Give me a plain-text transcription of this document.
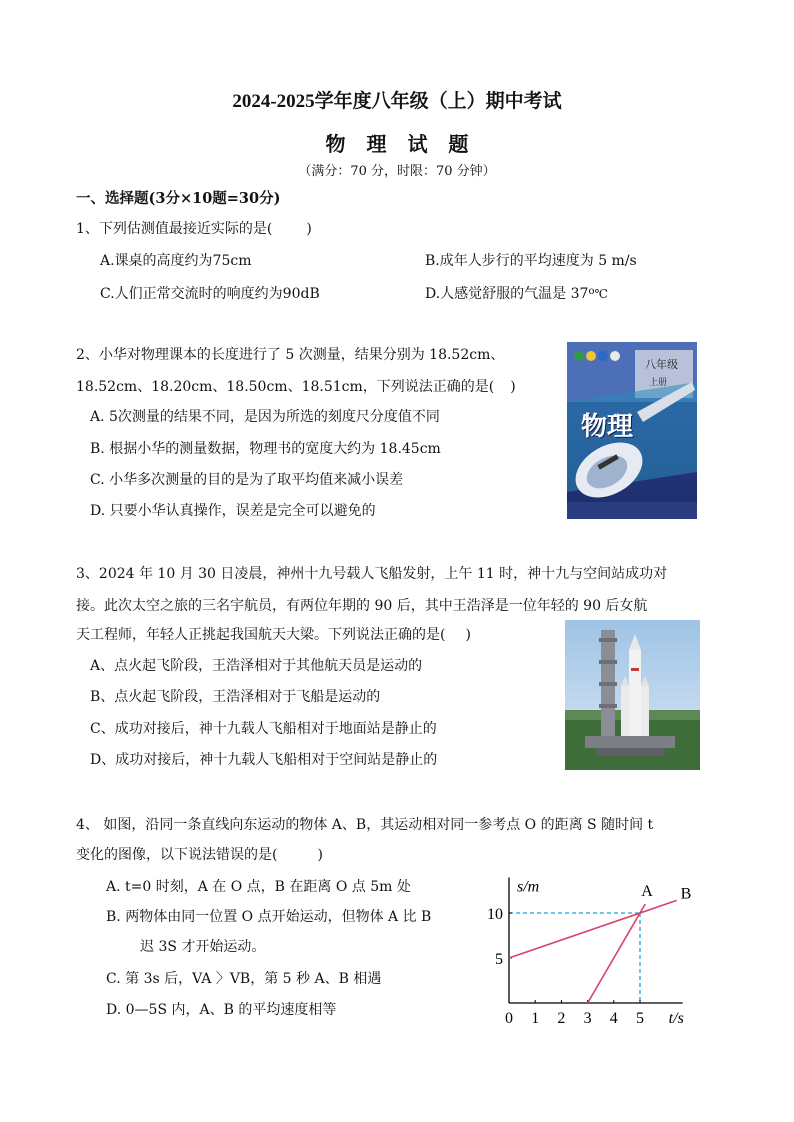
2024-2025学年度八年级（上）期中考试
物 理 试 题
（满分：70 分，时限：70 分钟）
一、选择题(3分×10题=30分)
1、下列估测值最接近实际的是( )
A.课桌的高度约为75cm	B.成年人步行的平均速度为 5 m/s
C.人们正常交流时的响度约为90dB	D.人感觉舒服的气温是 37$^o$℃
2、小华对物理课本的长度进行了 5 次测量，结果分别为 18.52cm、
18.52cm、18.20cm、18.50cm、18.51cm，下列说法正确的是( )
A. 5次测量的结果不同，是因为所选的刻度尺分度值不同
B. 根据小华的测量数据，物理书的宽度大约为 18.45cm
C. 小华多次测量的目的是为了取平均值来减小误差
D. 只要小华认真操作，误差是完全可以避免的
八年级
上册
物理
3、2024 年 10 月 30 日凌晨，神州十九号载人飞船发射，上午 11 时，神十九与空间站成功对
接。此次太空之旅的三名宇航员，有两位年期的 90 后，其中王浩泽是一位年轻的 90 后女航
天工程师，年轻人正挑起我国航天大梁。下列说法正确的是( )
A、点火起飞阶段，王浩泽相对于其他航天员是运动的
B、点火起飞阶段，王浩泽相对于飞船是运动的
C、成功对接后，神十九载人飞船相对于地面站是静止的
D、成功对接后，神十九载人飞船相对于空间站是静止的
4、 如图，沿同一条直线向东运动的物体 A、B，其运动相对同一参考点 O 的距离 S 随时间 t
变化的图像，以下说法错误的是(	)
A. t=0 时刻，A 在 O 点，B 在距离 O 点 5m 处
B. 两物体由同一位置 O 点开始运动，但物体 A 比 B
迟 3S 才开始运动。
C. 第 3s 后，VA 〉VB，第 5 秒 A、B 相遇
D. 0—5S 内，A、B 的平均速度相等	0 1 2 3 4 5
5
10
t/s
s/m	A B
